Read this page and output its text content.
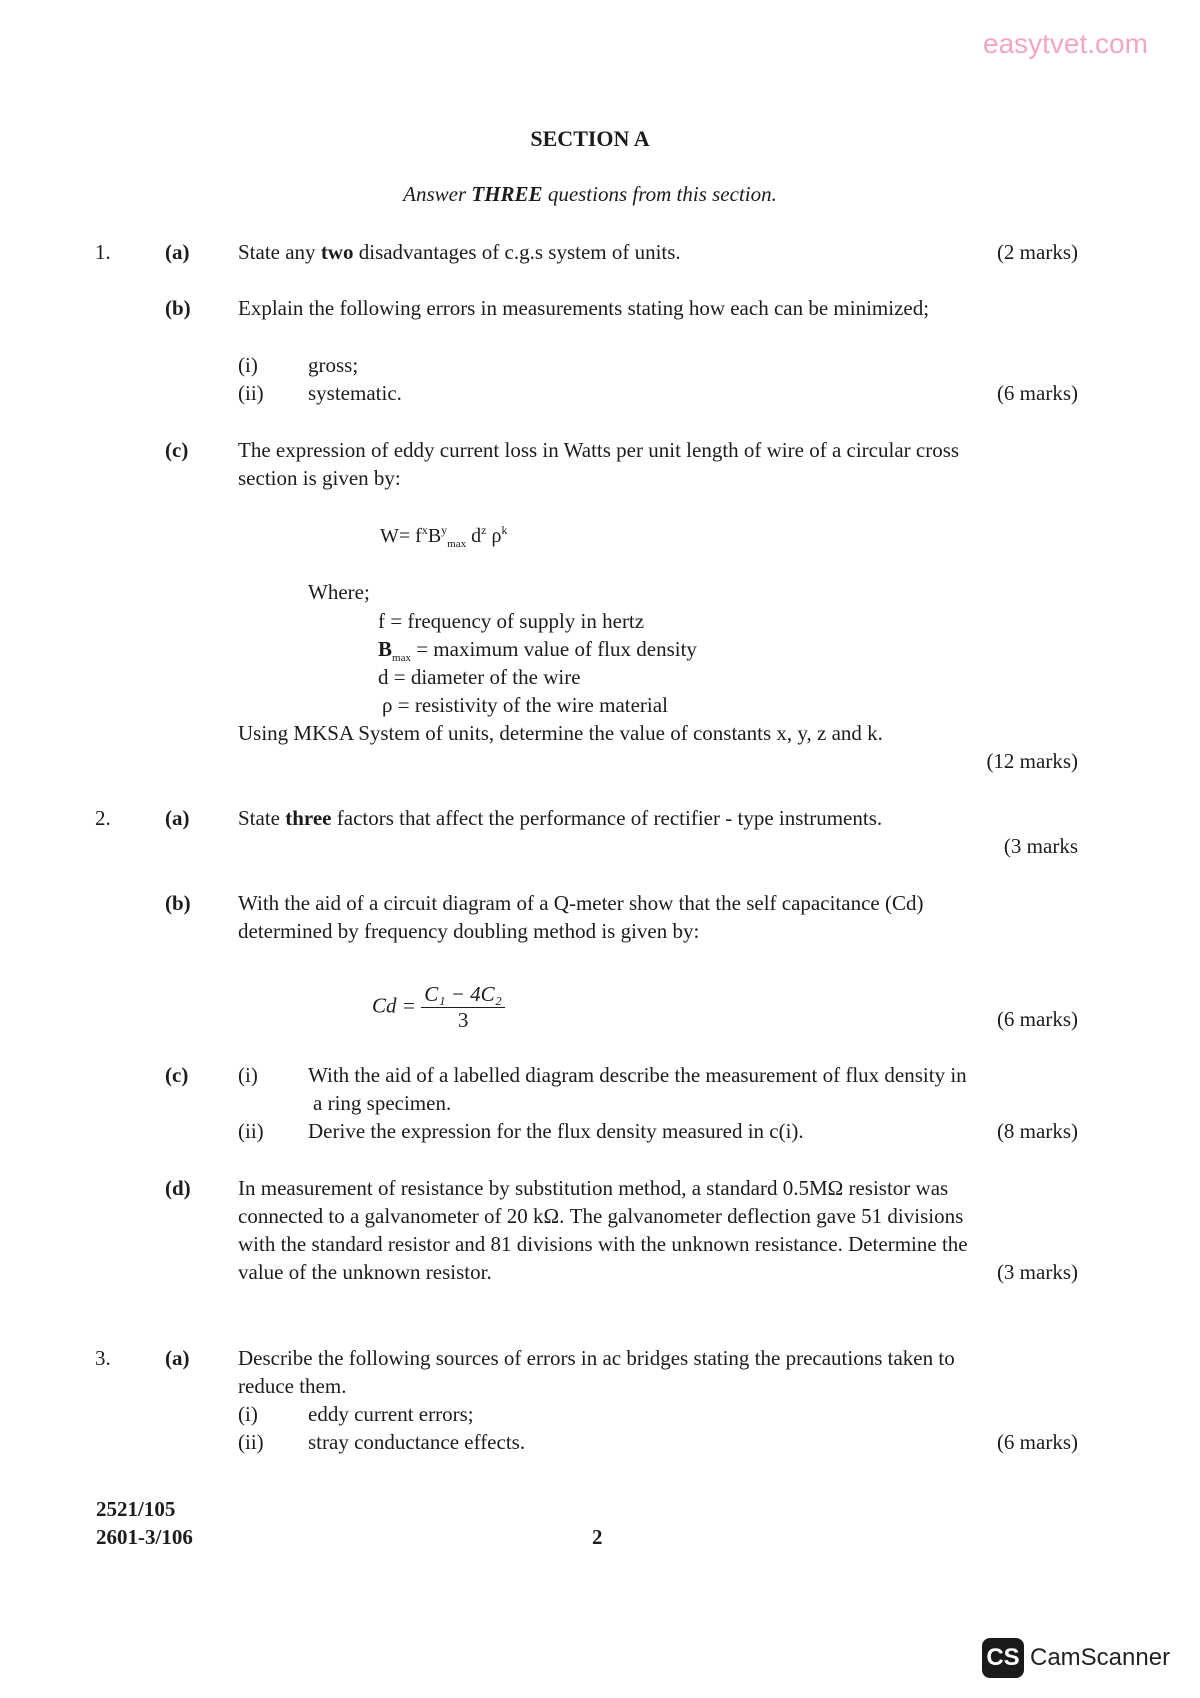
easytvet.com
SECTION A
Answer THREE questions from this section.
1.	(a) State any two disadvantages of c.g.s system of units.	(2 marks)
(b) Explain the following errors in measurements stating how each can be minimized;
(i) gross;
(ii) systematic.	(6 marks)
(c) The expression of eddy current loss in Watts per unit length of wire of a circular cross
section is given by:
$W= f^xB^y_{max}$ $d^z$ $\rho^k$
Where;
f = frequency of supply in hertz
$B_{max}$ = maximum value of flux density
d = diameter of the wire
ρ = resistivity of the wire material
Using MKSA System of units, determine the value of constants x, y, z and k.
(12 marks)
2.	(a) State three factors that affect the performance of rectifier - type instruments.
(3 marks
(b) With the aid of a circuit diagram of a Q-meter show that the self capacitance (Cd)
determined by frequency doubling method is given by:
$Cd = \frac{\text{C₁ − 4C₂}}{3}$	(6 marks)
(c) (i) With the aid of a labelled diagram describe the measurement of flux density in
a ring specimen.
(ii) Derive the expression for the flux density measured in c(i).	(8 marks)
(d) In measurement of resistance by substitution method, a standard 0.5MΩ resistor was
connected to a galvanometer of 20 kΩ. The galvanometer deflection gave 51 divisions
with the standard resistor and 81 divisions with the unknown resistance. Determine the
value of the unknown resistor.	(3 marks)
3.	(a) Describe the following sources of errors in ac bridges stating the precautions taken to
reduce them.
(i) eddy current errors;
(ii) stray conductance effects.	(6 marks)
2521/105
2601-3/106	2
CS CamScanner
